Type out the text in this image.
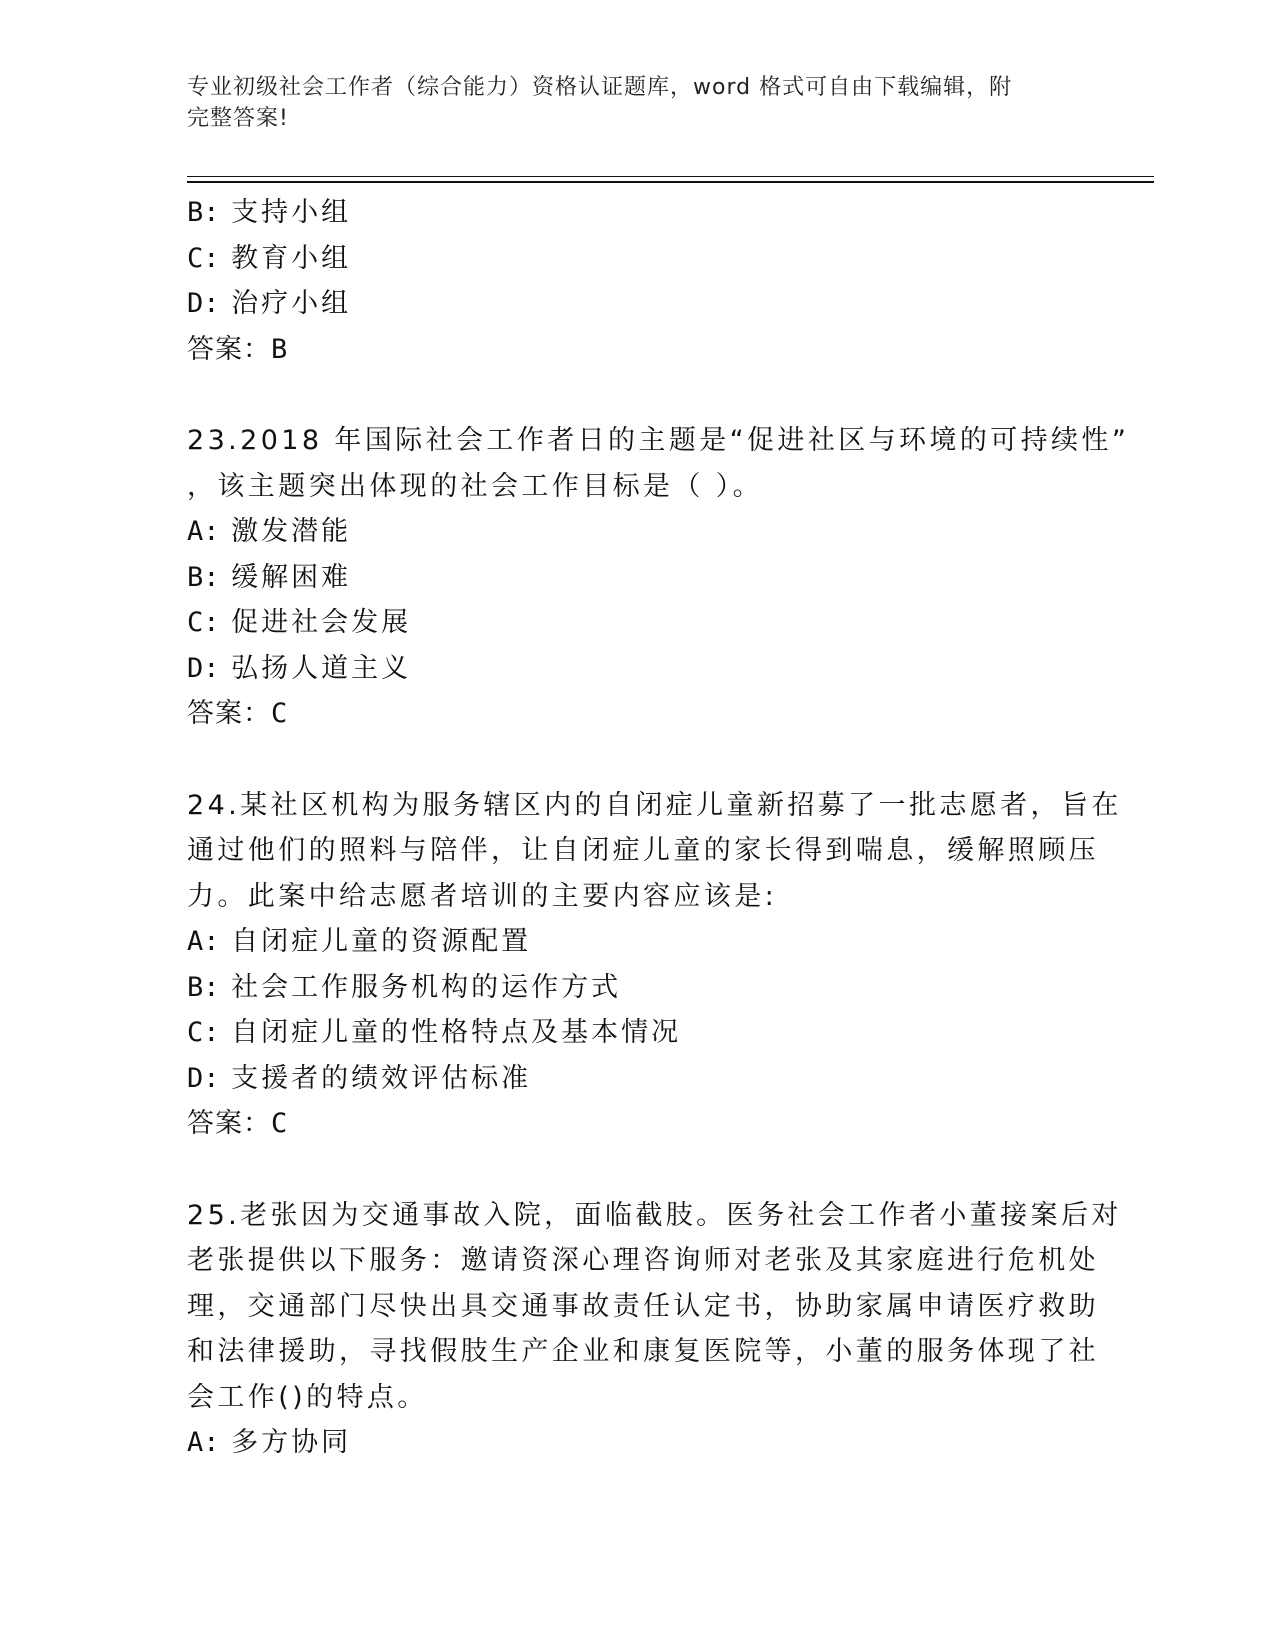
专业初级社会工作者（综合能力）资格认证题库，word 格式可自由下载编辑，附
完整答案!
B: 支持小组
C: 教育小组
D: 治疗小组
答案：B
23.2018 年国际社会工作者日的主题是“促进社区与环境的可持续性”
，该主题突出体现的社会工作目标是（ ）。
A: 激发潜能
B: 缓解困难
C: 促进社会发展
D: 弘扬人道主义
答案：C
24.某社区机构为服务辖区内的自闭症儿童新招募了一批志愿者，旨在
通过他们的照料与陪伴，让自闭症儿童的家长得到喘息，缓解照顾压
力。此案中给志愿者培训的主要内容应该是:
A: 自闭症儿童的资源配置
B: 社会工作服务机构的运作方式
C: 自闭症儿童的性格特点及基本情况
D: 支援者的绩效评估标准
答案：C
25.老张因为交通事故入院，面临截肢。医务社会工作者小董接案后对
老张提供以下服务：邀请资深心理咨询师对老张及其家庭进行危机处
理，交通部门尽快出具交通事故责任认定书，协助家属申请医疗救助
和法律援助，寻找假肢生产企业和康复医院等，小董的服务体现了社
会工作()的特点。
A: 多方协同
